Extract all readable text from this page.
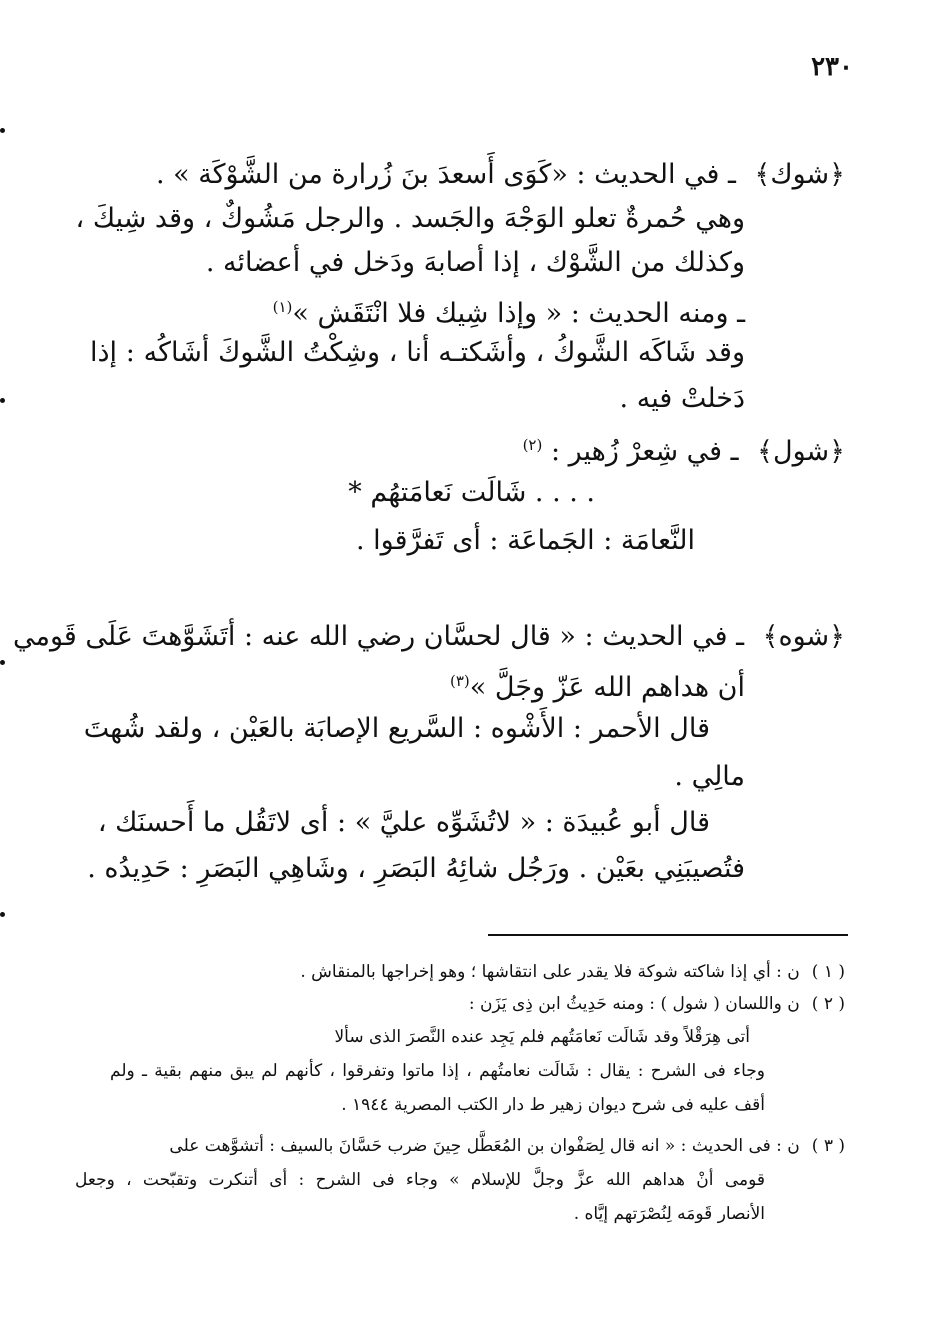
٢٣٠
﴿شوك﴾ ـ في الحديث : «كَوَى أَسعدَ بنَ زُرارة من الشَّوْكَة » .
وهي حُمرةٌ تعلو الوَجْهَ والجَسد . والرجل مَشُوكٌ ، وقد شِيكَ ،
وكذلك من الشَّوْك ، إذا أصابهَ ودَخل في أعضائه .
ـ ومنه الحديث : « وإذا شِيك فلا انْتَقَش »$^{(١)}$
وقد شَاكَه الشَّوكُ ، وأشَكتـه أنا ، وشِكْتُ الشَّوكَ أشَاكُه : إذا
دَخلتْ فيه .
﴿شول﴾ ـ في شِعرْ زُهير : $^{(٢)}$
. . . . شَالَت نَعامَتهُم *
النَّعامَة : الجَماعَة : أى تَفرَّقوا .
﴿شوه﴾ ـ في الحديث : « قال لحسَّان رضي الله عنه : أتَشَوَّهتَ عَلَى قَومي
أن هداهم الله عَزّ وجَلَّ »$^{(٣)}$
قال الأحمر : الأَشْوه : السَّريع الإصابَة بالعَيْن ، ولقد شُهتَ
مالِي .
قال أبو عُبيدَة : « لاتُشَوِّه عليَّ » : أى لاتَقُل ما أَحسنَك ،
فتُصيبَنِي بعَيْن . ورَجُل شائِهُ البَصَرِ ، وشَاهِي البَصَرِ : حَدِيدُه .
( ١ )ن : أي إذا شاكته شوكة فلا يقدر على انتقاشها ؛ وهو إخراجها بالمنقاش .
( ٢ )ن واللسان ( شول ) : ومنه حَدِيثُ ابن ذِى يَزَن :
أتى هِرَقْلاً وقد شَالَت نَعامَتُهم فلم يَجِد عنده النَّصرَ الذى سألا
وجاء فى الشرح : يقال : شَالَت نعامتُهم ، إذا ماتوا وتفرقوا ، كأنهم لم يبق منهم بقية ـ ولم
أقف عليه فى شرح ديوان زهير ط دار الكتب المصرية ١٩٤٤ .
( ٣ )ن : فى الحديث : « انه قال لِصَفْوان بن المُعَطَّل حِينَ ضرب حَسَّانَ بالسيف : أتشوَّهت على
قومى أنْ هداهم الله عزَّ وجلَّ للإسلام » وجاء فى الشرح : أى أتنكرت وتقبّحت ، وجعل
الأنصار قَومَه لِنُصْرَتهم إيَّاه .
